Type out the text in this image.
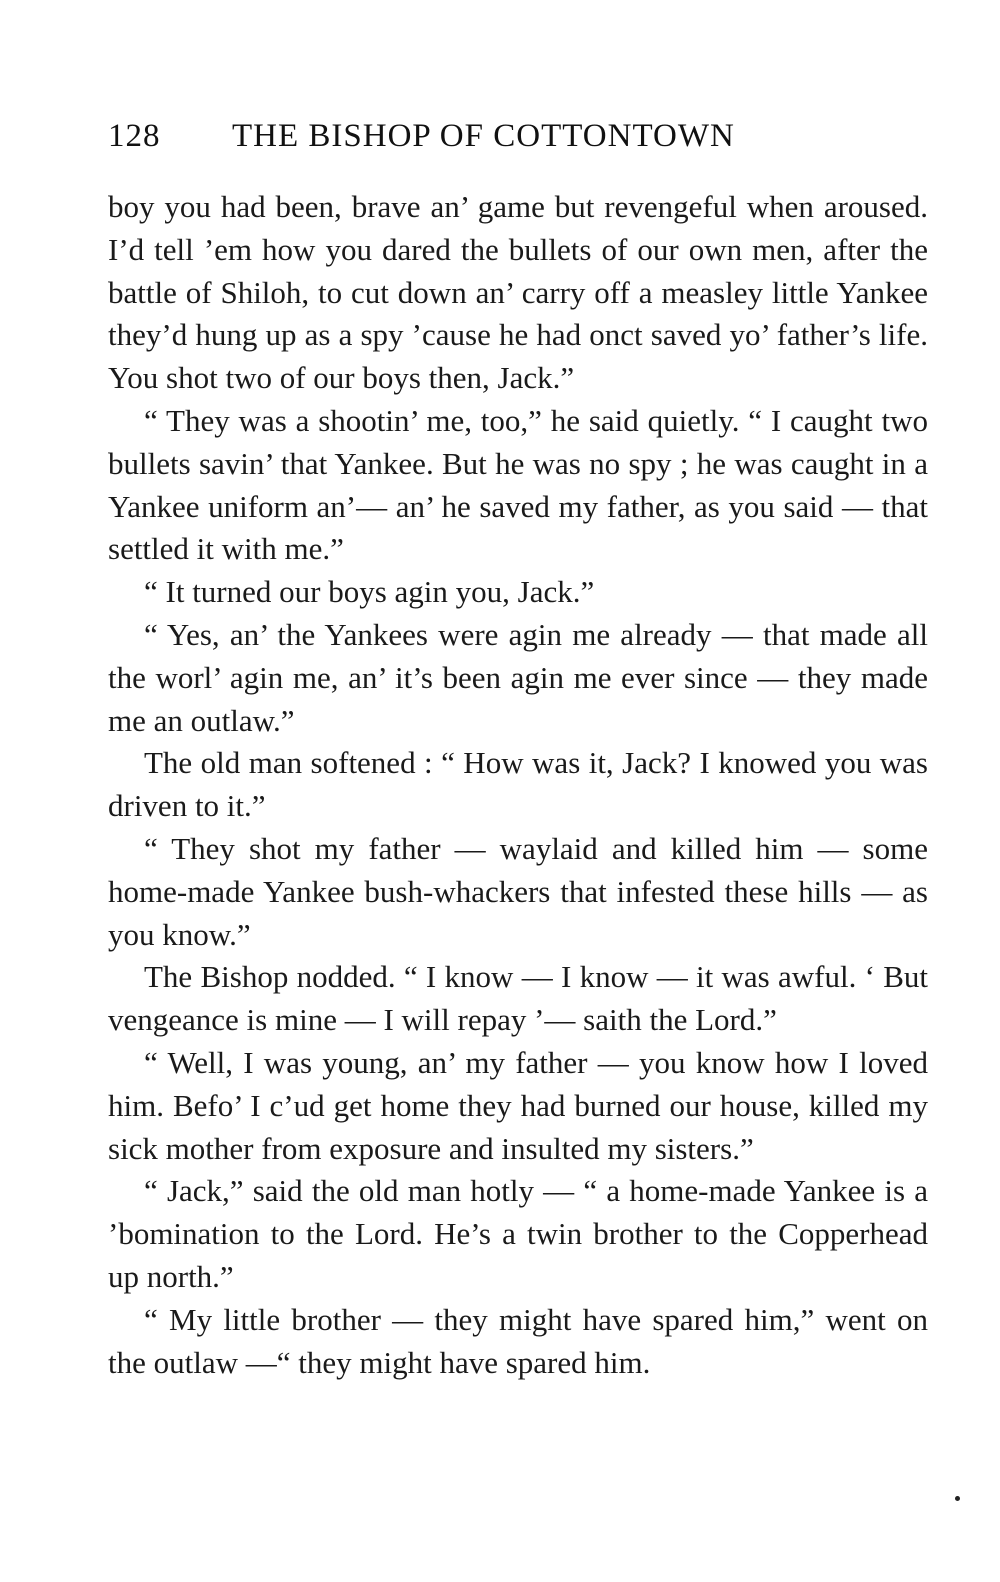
128 THE BISHOP OF COTTONTOWN

boy you had been, brave an’ game but revengeful when aroused. I’d tell ’em how you dared the bullets of our own men, after the battle of Shiloh, to cut down an’ carry off a measley little Yankee they’d hung up as a spy ’cause he had onct saved yo’ father’s life. You shot two of our boys then, Jack.”

“ They was a shootin’ me, too,” he said quietly. “ I caught two bullets savin’ that Yankee. But he was no spy ; he was caught in a Yankee uniform an’— an’ he saved my father, as you said — that settled it with me.”

“ It turned our boys agin you, Jack.”

“ Yes, an’ the Yankees were agin me already — that made all the worl’ agin me, an’ it’s been agin me ever since — they made me an outlaw.”

The old man softened : “ How was it, Jack? I knowed you was driven to it.”

“ They shot my father — waylaid and killed him — some home-made Yankee bush-whackers that infested these hills — as you know.”

The Bishop nodded. “ I know — I know — it was awful. ‘ But vengeance is mine — I will repay ’— saith the Lord.”

“ Well, I was young, an’ my father — you know how I loved him. Befo’ I c’ud get home they had burned our house, killed my sick mother from exposure and insulted my sisters.”

“ Jack,” said the old man hotly — “ a home-made Yankee is a ’bomination to the Lord. He’s a twin brother to the Copperhead up north.”

“ My little brother — they might have spared him,” went on the outlaw —“ they might have spared him.
